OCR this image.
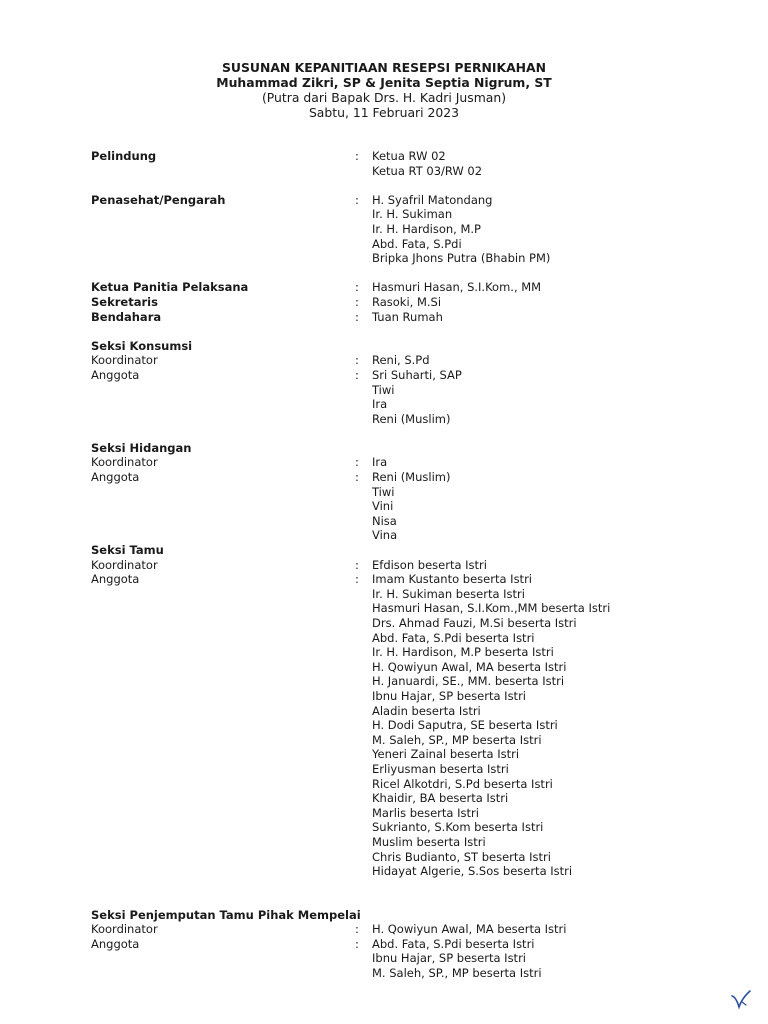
SUSUNAN KEPANITIAAN RESEPSI PERNIKAHAN
Muhammad Zikri, SP & Jenita Septia Nigrum, ST
(Putra dari Bapak Drs. H. Kadri Jusman)
Sabtu, 11 Februari 2023
Pelindung	:	Ketua RW 02
Ketua RT 03/RW 02
Penasehat/Pengarah	:	H. Syafril Matondang
Ir. H. Sukiman
Ir. H. Hardison, M.P
Abd. Fata, S.Pdi
Bripka Jhons Putra (Bhabin PM)
Ketua Panitia Pelaksana	:	Hasmuri Hasan, S.I.Kom., MM
Sekretaris	:	Rasoki, M.Si
Bendahara	:	Tuan Rumah
Seksi Konsumsi
Koordinator	:	Reni, S.Pd
Anggota	:	Sri Suharti, SAP
Tiwi
Ira
Reni (Muslim)
Seksi Hidangan
Koordinator	:	Ira
Anggota	:	Reni (Muslim)
Tiwi
Vini
Nisa
Vina
Seksi Tamu
Koordinator	:	Efdison beserta Istri
Anggota	:	Imam Kustanto beserta Istri
Ir. H. Sukiman beserta Istri
Hasmuri Hasan, S.I.Kom.,MM beserta Istri
Drs. Ahmad Fauzi, M.Si beserta Istri
Abd. Fata, S.Pdi beserta Istri
Ir. H. Hardison, M.P beserta Istri
H. Qowiyun Awal, MA beserta Istri
H. Januardi, SE., MM. beserta Istri
Ibnu Hajar, SP beserta Istri
Aladin beserta Istri
H. Dodi Saputra, SE beserta Istri
M. Saleh, SP., MP beserta Istri
Yeneri Zainal beserta Istri
Erliyusman beserta Istri
Ricel Alkotdri, S.Pd beserta Istri
Khaidir, BA beserta Istri
Marlis beserta Istri
Sukrianto, S.Kom beserta Istri
Muslim beserta Istri
Chris Budianto, ST beserta Istri
Hidayat Algerie, S.Sos beserta Istri
Seksi Penjemputan Tamu Pihak Mempelai
Koordinator	:	H. Qowiyun Awal, MA beserta Istri
Anggota	:	Abd. Fata, S.Pdi beserta Istri
Ibnu Hajar, SP beserta Istri
M. Saleh, SP., MP beserta Istri
